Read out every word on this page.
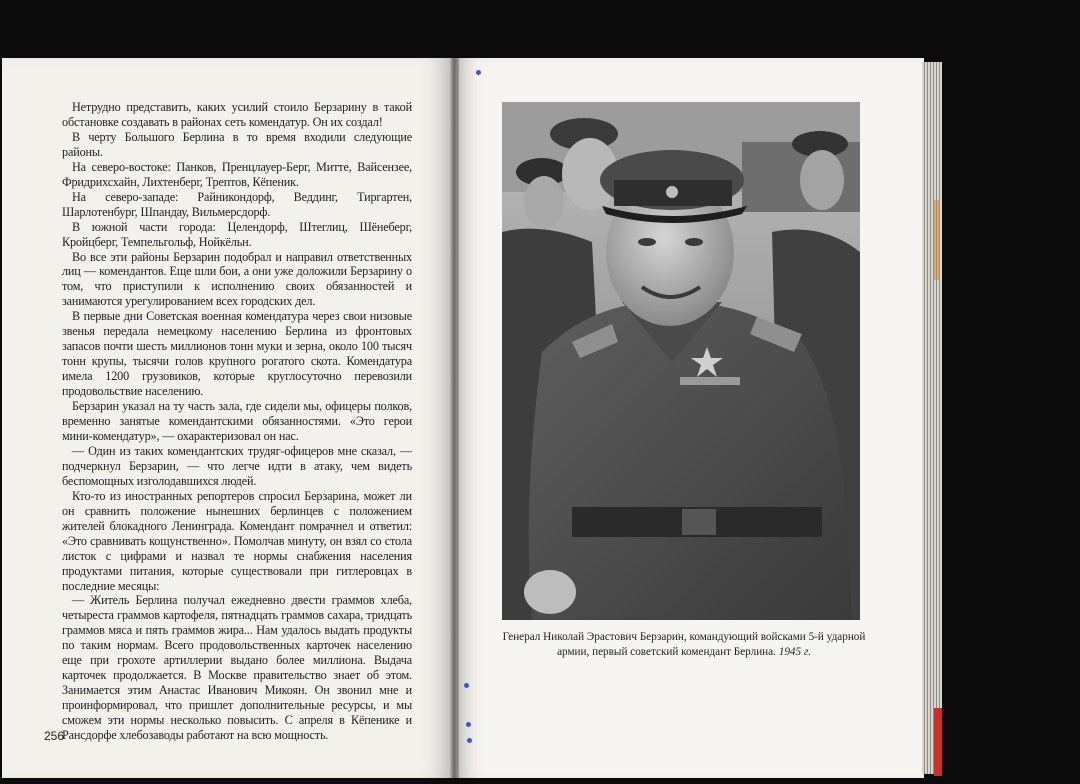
Нетрудно представить, каких усилий стоило Берзарину в такой обстановке создавать в районах сеть комендатур. Он их создал!

В черту Большого Берлина в то время входили следующие районы.

На северо-востоке: Панков, Пренцлауер-Берг, Митте, Вайсензее, Фридрихсхайн, Лихтенберг, Трептов, Кёпеник.

На северо-западе: Райникондорф, Веддинг, Тиргартен, Шарлотенбург, Шпандау, Вильмерсдорф.

В южной части города: Целендорф, Штеглиц, Шёнеберг, Кройцберг, Темпельгольф, Нойкёльн.

Во все эти районы Берзарин подобрал и направил ответственных лиц — комендантов. Еще шли бои, а они уже доложили Берзарину о том, что приступили к исполнению своих обязанностей и занимаются урегулированием всех городских дел.

В первые дни Советская военная комендатура через свои низовые звенья передала немецкому населению Берлина из фронтовых запасов почти шесть миллионов тонн муки и зерна, около 100 тысяч тонн крупы, тысячи голов крупного рогатого скота. Комендатура имела 1200 грузовиков, которые круглосуточно перевозили продовольствие населению.

Берзарин указал на ту часть зала, где сидели мы, офицеры полков, временно занятые комендантскими обязанностями. «Это герои мини-комендатур», — охарактеризовал он нас.

— Один из таких комендантских трудяг-офицеров мне сказал, — подчеркнул Берзарин, — что легче идти в атаку, чем видеть беспомощных изголодавшихся людей.

Кто-то из иностранных репортеров спросил Берзарина, может ли он сравнить положение нынешних берлинцев с положением жителей блокадного Ленинграда. Комендант помрачнел и ответил: «Это сравнивать кощунственно». Помолчав минуту, он взял со стола листок с цифрами и назвал те нормы снабжения населения продуктами питания, которые существовали при гитлеровцах в последние месяцы:

— Житель Берлина получал ежедневно двести граммов хлеба, четыреста граммов картофеля, пятнадцать граммов сахара, тридцать граммов мяса и пять граммов жира... Нам удалось выдать продукты по таким нормам. Всего продовольственных карточек населению еще при грохоте артиллерии выдано более миллиона. Выдача карточек продолжается. В Москве правительство знает об этом. Занимается этим Анастас Иванович Микоян. Он звонил мне и проинформировал, что пришлет дополнительные ресурсы, и мы сможем эти нормы несколько повысить. С апреля в Кёпенике и Рансдорфе хлебозаводы работают на всю мощность.

256
Генерал Николай Эрастович Берзарин, командующий войсками 5-й ударной армии, первый советский комендант Берлина. 1945 г.
